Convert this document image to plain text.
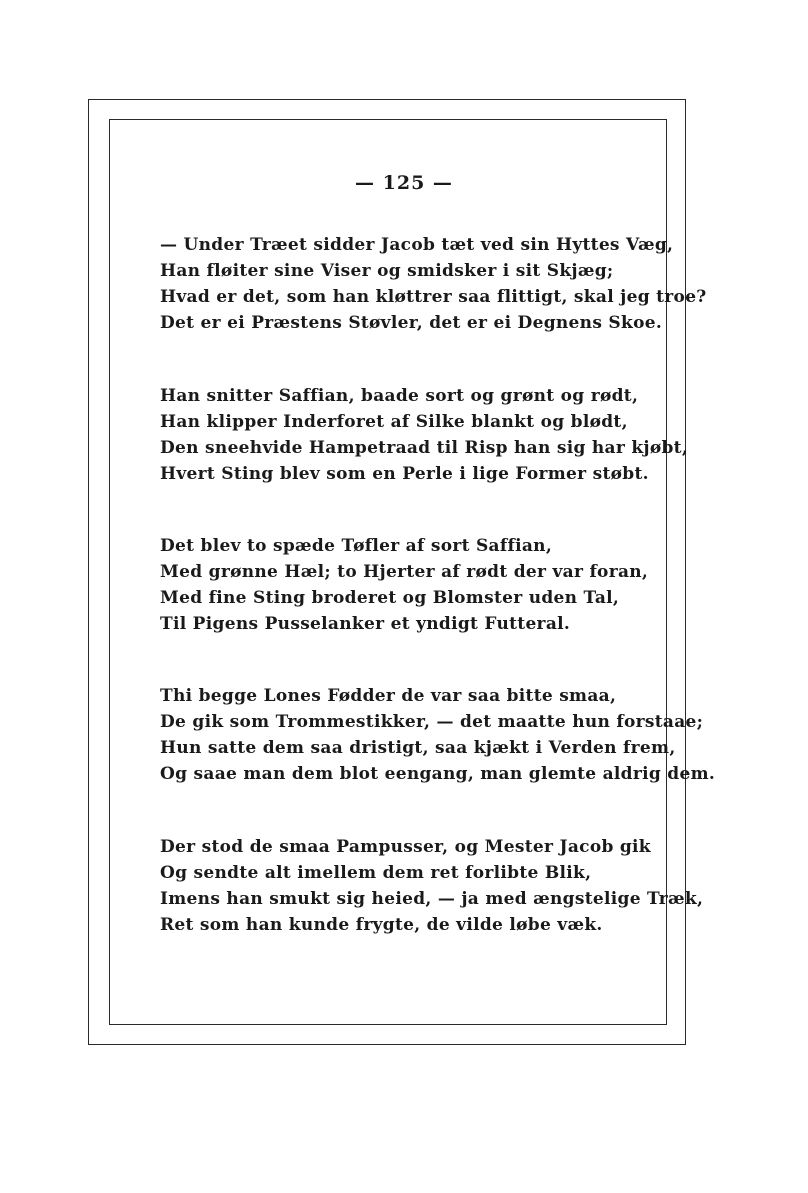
— 125 —
— Under Træet sidder Jacob tæt ved sin Hyttes Væg,
Han fløiter sine Viser og smidsker i sit Skjæg;
Hvad er det, som han kløttrer saa flittigt, skal jeg troe?
Det er ei Præstens Støvler, det er ei Degnens Skoe.
Han snitter Saffian, baade sort og grønt og rødt,
Han klipper Inderforet af Silke blankt og blødt,
Den sneehvide Hampetraad til Risp han sig har kjøbt,
Hvert Sting blev som en Perle i lige Former støbt.
Det blev to spæde Tøfler af sort Saffian,
Med grønne Hæl; to Hjerter af rødt der var foran,
Med fine Sting broderet og Blomster uden Tal,
Til Pigens Pusselanker et yndigt Futteral.
Thi begge Lones Fødder de var saa bitte smaa,
De gik som Trommestikker, — det maatte hun forstaae;
Hun satte dem saa dristigt, saa kjækt i Verden frem,
Og saae man dem blot eengang, man glemte aldrig dem.
Der stod de smaa Pampusser, og Mester Jacob gik
Og sendte alt imellem dem ret forlibte Blik,
Imens han smukt sig heied, — ja med ængstelige Træk,
Ret som han kunde frygte, de vilde løbe væk.
